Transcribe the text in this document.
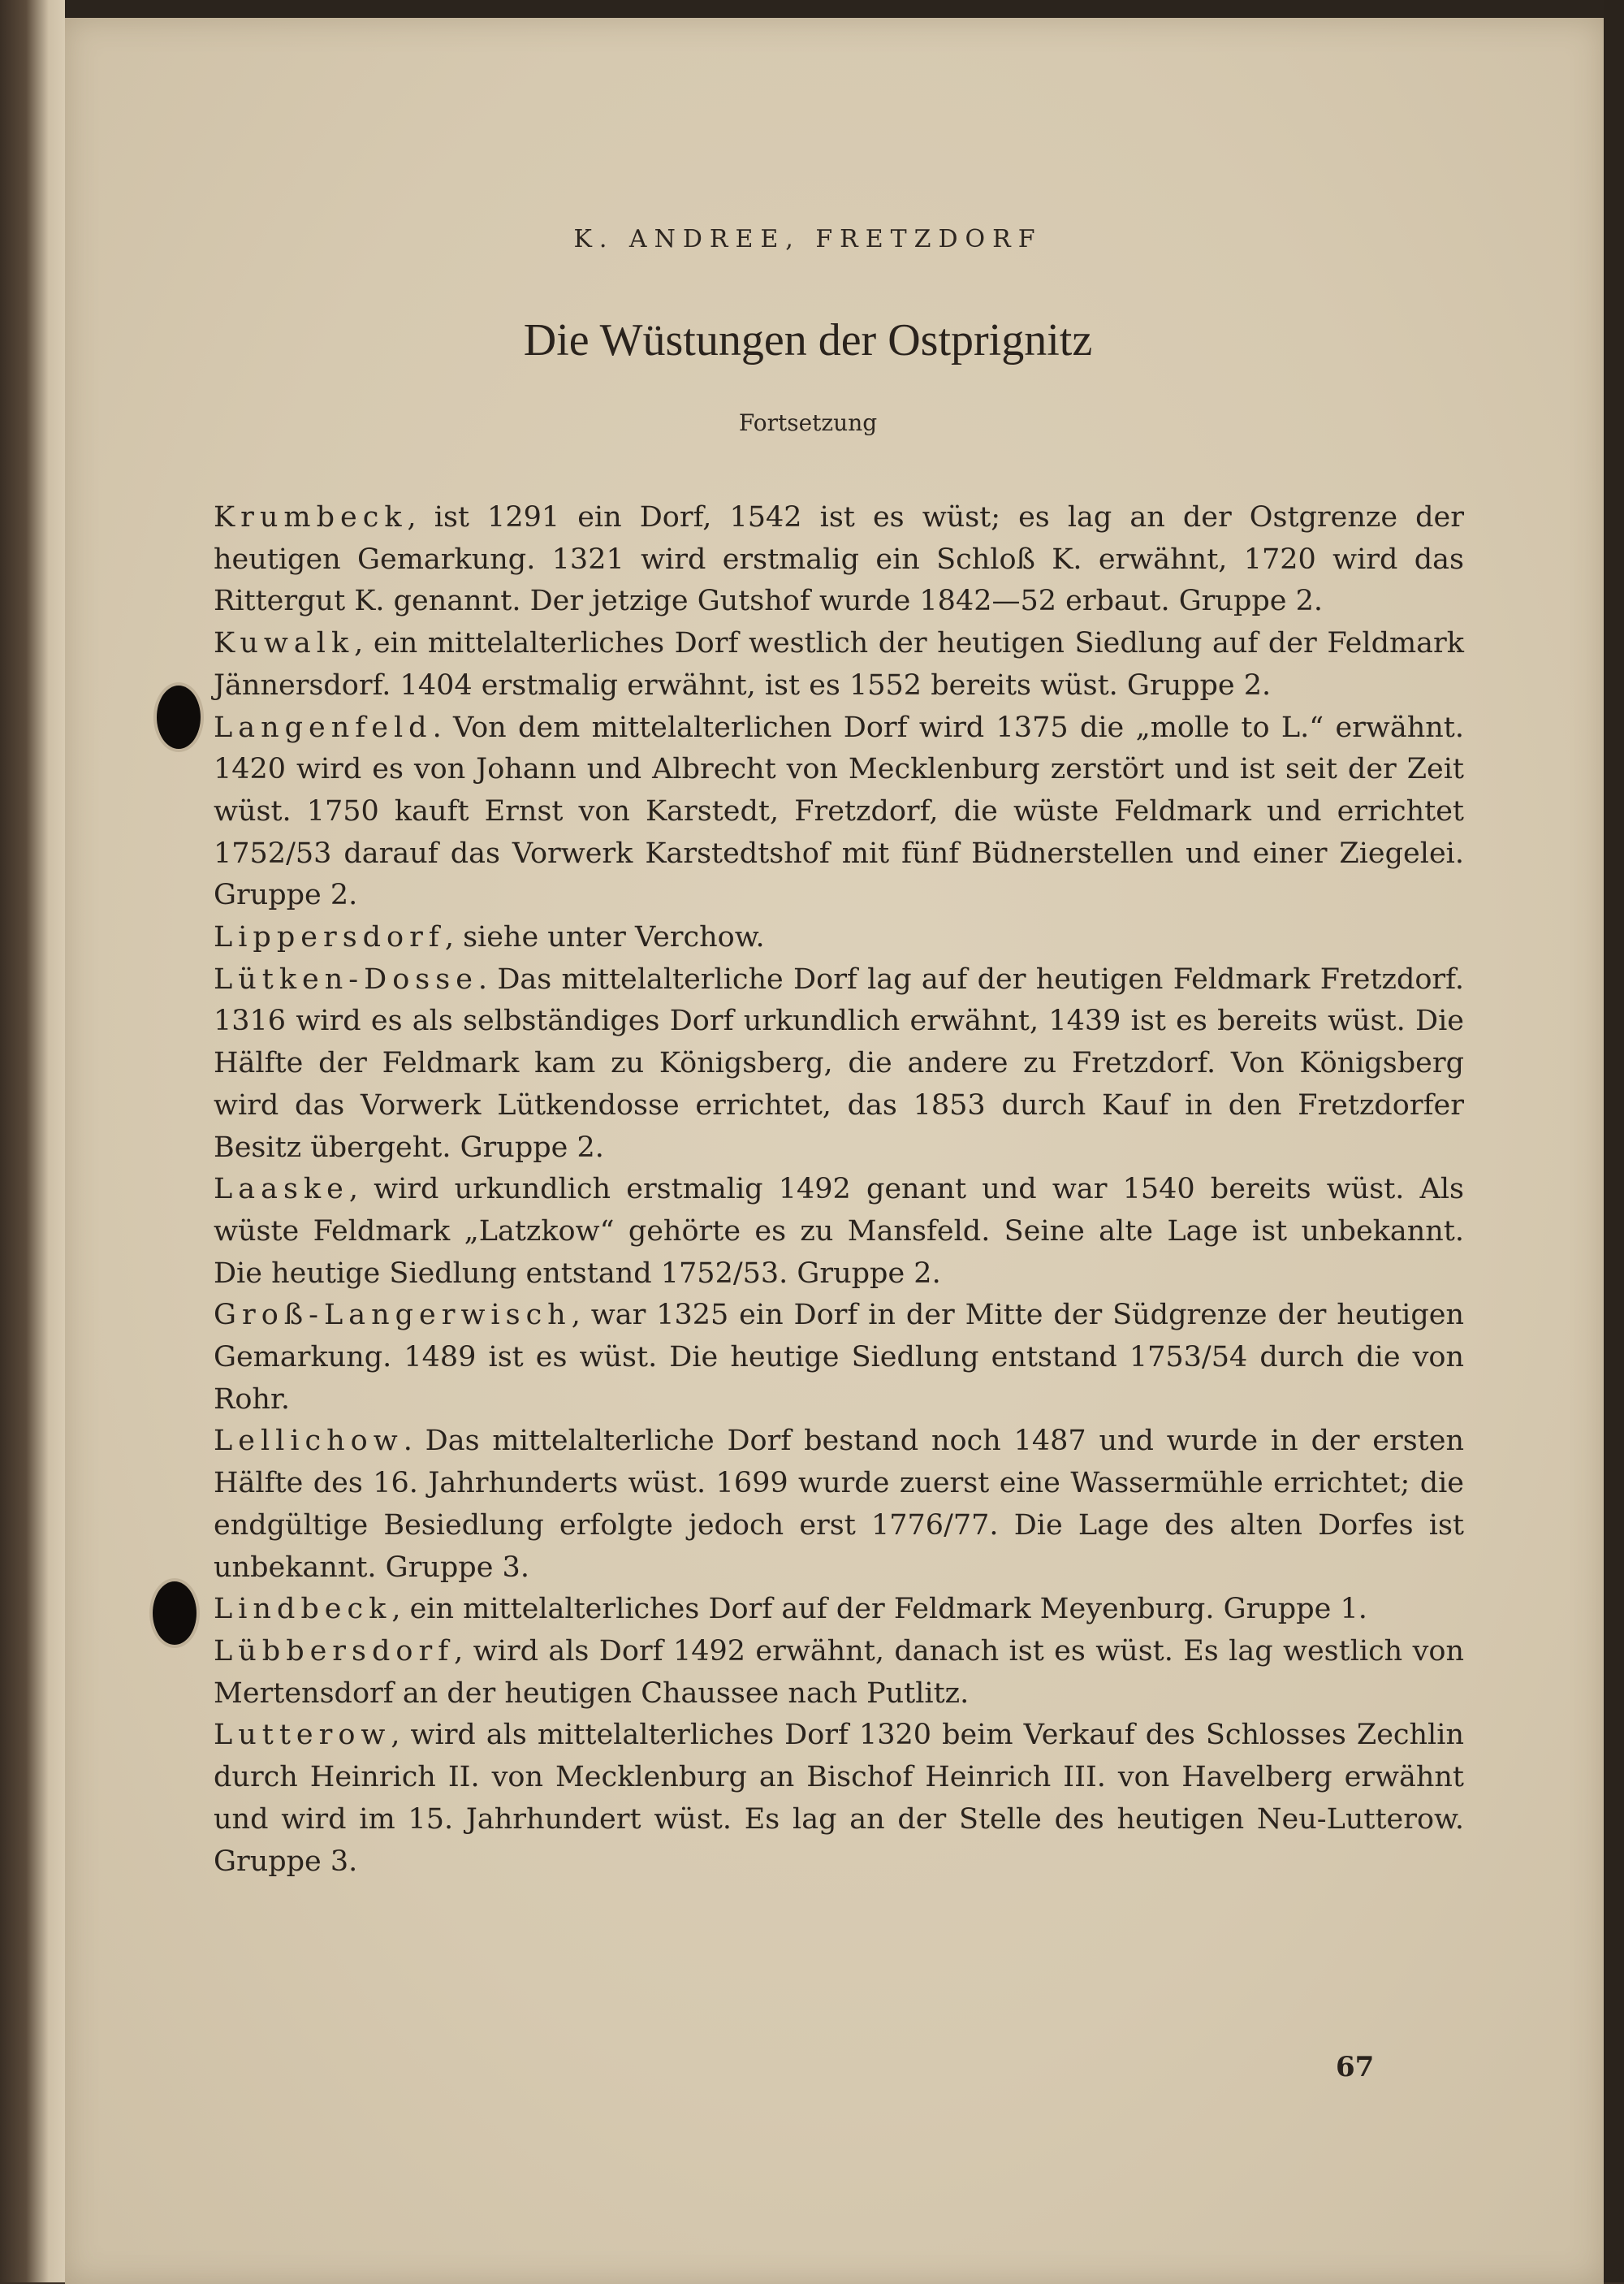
K. ANDREE, FRETZDORF
Die Wüstungen der Ostprignitz
Fortsetzung

Krumbeck, ist 1291 ein Dorf, 1542 ist es wüst; es lag an der Ostgrenze der heutigen Gemarkung. 1321 wird erstmalig ein Schloß K. erwähnt, 1720 wird das Rittergut K. genannt. Der jetzige Gutshof wurde 1842—52 erbaut. Gruppe 2.

Kuwalk, ein mittelalterliches Dorf westlich der heutigen Siedlung auf der Feldmark Jännersdorf. 1404 erstmalig erwähnt, ist es 1552 bereits wüst. Gruppe 2.

Langenfeld. Von dem mittelalterlichen Dorf wird 1375 die „molle to L.“ erwähnt. 1420 wird es von Johann und Albrecht von Mecklenburg zerstört und ist seit der Zeit wüst. 1750 kauft Ernst von Karstedt, Fretzdorf, die wüste Feldmark und errichtet 1752/53 darauf das Vorwerk Karstedtshof mit fünf Büdnerstellen und einer Ziegelei. Gruppe 2.

Lippersdorf, siehe unter Verchow.

Lütken-Dosse. Das mittelalterliche Dorf lag auf der heutigen Feldmark Fretzdorf. 1316 wird es als selbständiges Dorf urkundlich erwähnt, 1439 ist es bereits wüst. Die Hälfte der Feldmark kam zu Königsberg, die andere zu Fretzdorf. Von Königsberg wird das Vorwerk Lütkendosse errichtet, das 1853 durch Kauf in den Fretzdorfer Besitz übergeht. Gruppe 2.

Laaske, wird urkundlich erstmalig 1492 genant und war 1540 bereits wüst. Als wüste Feldmark „Latzkow“ gehörte es zu Mansfeld. Seine alte Lage ist unbekannt. Die heutige Siedlung entstand 1752/53. Gruppe 2.

Groß-Langerwisch, war 1325 ein Dorf in der Mitte der Südgrenze der heutigen Gemarkung. 1489 ist es wüst. Die heutige Siedlung entstand 1753/54 durch die von Rohr.

Lellichow. Das mittelalterliche Dorf bestand noch 1487 und wurde in der ersten Hälfte des 16. Jahrhunderts wüst. 1699 wurde zuerst eine Wassermühle errichtet; die endgültige Besiedlung erfolgte jedoch erst 1776/77. Die Lage des alten Dorfes ist unbekannt. Gruppe 3.

Lindbeck, ein mittelalterliches Dorf auf der Feldmark Meyenburg. Gruppe 1.

Lübbersdorf, wird als Dorf 1492 erwähnt, danach ist es wüst. Es lag westlich von Mertensdorf an der heutigen Chaussee nach Putlitz.

Lutterow, wird als mittelalterliches Dorf 1320 beim Verkauf des Schlosses Zechlin durch Heinrich II. von Mecklenburg an Bischof Heinrich III. von Havelberg erwähnt und wird im 15. Jahrhundert wüst. Es lag an der Stelle des heutigen Neu-Lutterow. Gruppe 3.

67
